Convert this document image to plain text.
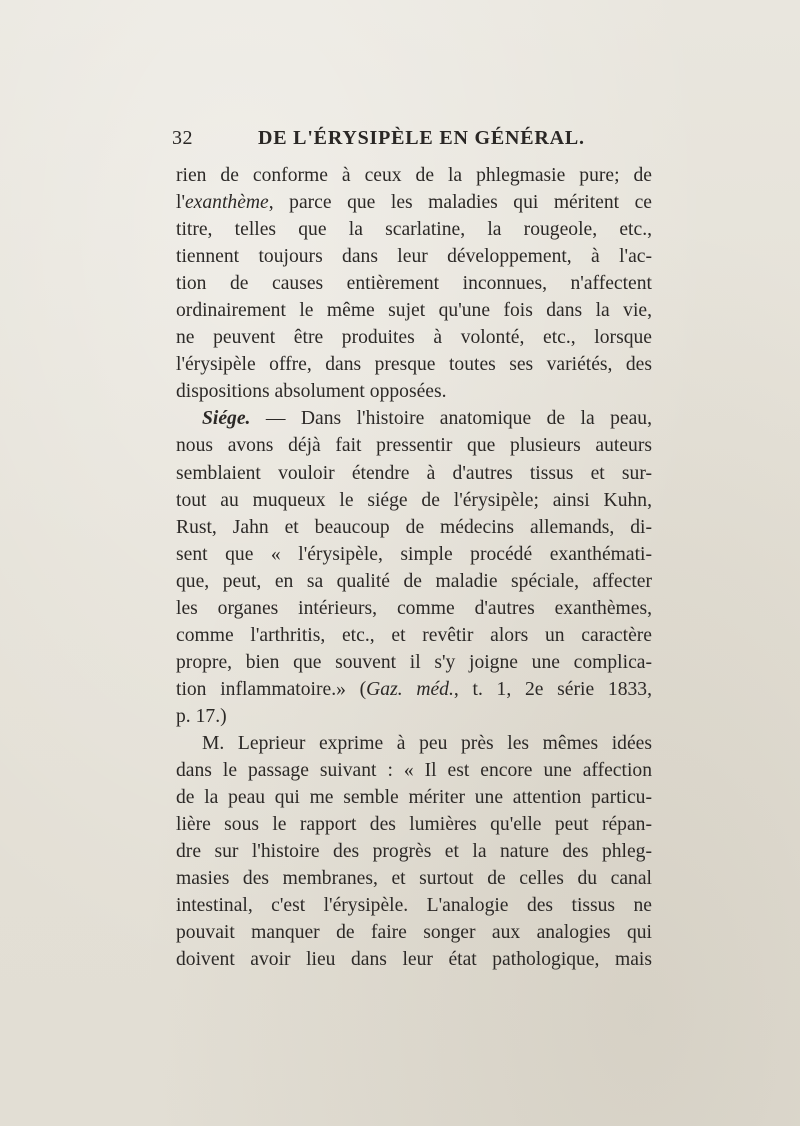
32	DE L'ÉRYSIPÈLE EN GÉNÉRAL.
rien de conforme à ceux de la phlegmasie pure; de
l'exanthème, parce que les maladies qui méritent ce
titre, telles que la scarlatine, la rougeole, etc.,
tiennent toujours dans leur développement, à l'ac-
tion de causes entièrement inconnues, n'affectent
ordinairement le même sujet qu'une fois dans la vie,
ne peuvent être produites à volonté, etc., lorsque
l'érysipèle offre, dans presque toutes ses variétés, des
dispositions absolument opposées.
Siége. — Dans l'histoire anatomique de la peau,
nous avons déjà fait pressentir que plusieurs auteurs
semblaient vouloir étendre à d'autres tissus et sur-
tout au muqueux le siége de l'érysipèle; ainsi Kuhn,
Rust, Jahn et beaucoup de médecins allemands, di-
sent que « l'érysipèle, simple procédé exanthémati-
que, peut, en sa qualité de maladie spéciale, affecter
les organes intérieurs, comme d'autres exanthèmes,
comme l'arthritis, etc., et revêtir alors un caractère
propre, bien que souvent il s'y joigne une complica-
tion inflammatoire.» (Gaz. méd., t. 1, 2e série 1833,
p. 17.)
M. Leprieur exprime à peu près les mêmes idées
dans le passage suivant : « Il est encore une affection
de la peau qui me semble mériter une attention particu-
lière sous le rapport des lumières qu'elle peut répan-
dre sur l'histoire des progrès et la nature des phleg-
masies des membranes, et surtout de celles du canal
intestinal, c'est l'érysipèle. L'analogie des tissus ne
pouvait manquer de faire songer aux analogies qui
doivent avoir lieu dans leur état pathologique, mais
